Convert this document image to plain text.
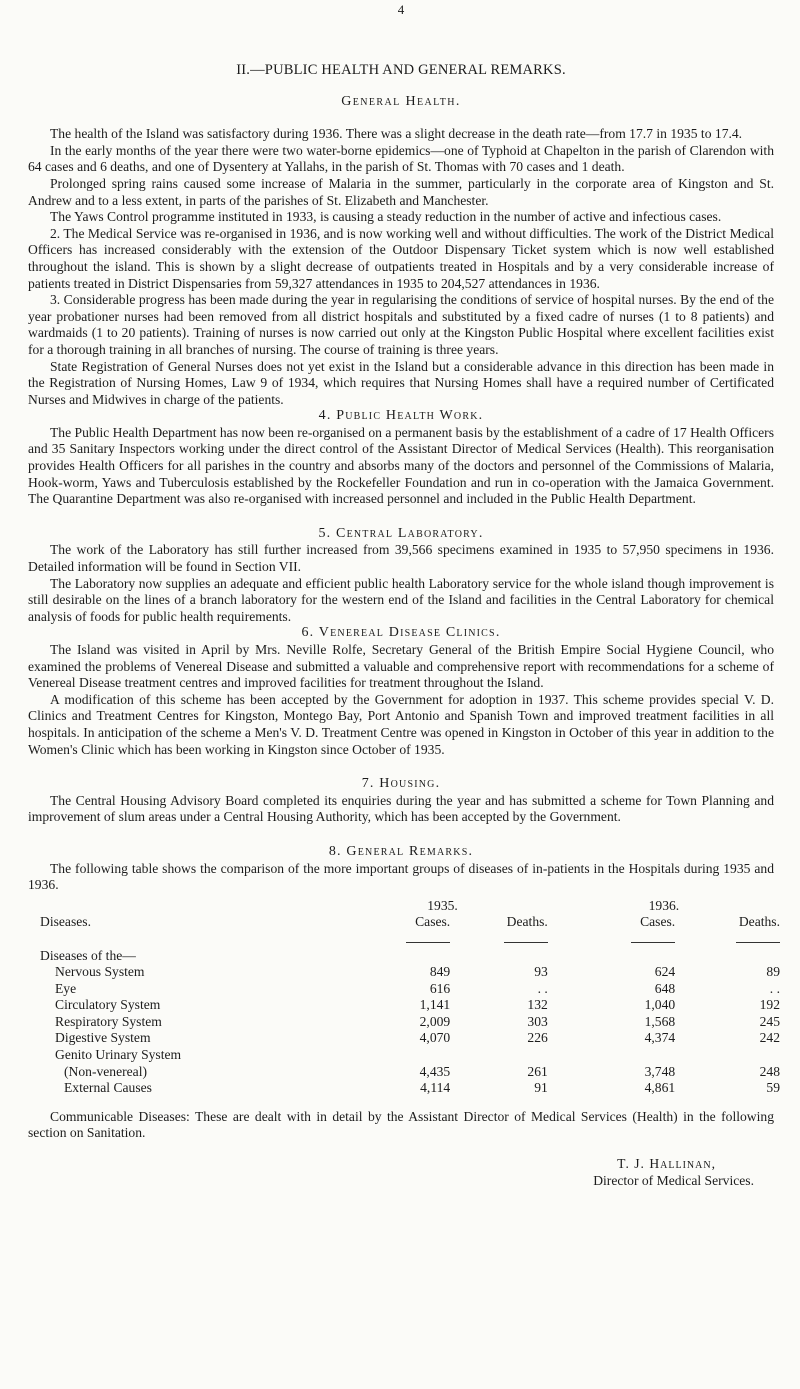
4
II.—PUBLIC HEALTH AND GENERAL REMARKS.
General Health.

The health of the Island was satisfactory during 1936. There was a slight decrease in the death rate—from 17.7 in 1935 to 17.4.

In the early months of the year there were two water-borne epidemics—one of Typhoid at Chapelton in the parish of Clarendon with 64 cases and 6 deaths, and one of Dysentery at Yallahs, in the parish of St. Thomas with 70 cases and 1 death.

Prolonged spring rains caused some increase of Malaria in the summer, particularly in the corporate area of Kingston and St. Andrew and to a less extent, in parts of the parishes of St. Elizabeth and Manchester.

The Yaws Control programme instituted in 1933, is causing a steady reduction in the number of active and infectious cases.

2. The Medical Service was re-organised in 1936, and is now working well and without difficulties. The work of the District Medical Officers has increased considerably with the extension of the Outdoor Dispensary Ticket system which is now well established throughout the island. This is shown by a slight decrease of outpatients treated in Hospitals and by a very considerable increase of patients treated in District Dispensaries from 59,327 attendances in 1935 to 204,527 attendances in 1936.

3. Considerable progress has been made during the year in regularising the conditions of service of hospital nurses. By the end of the year probationer nurses had been removed from all district hospitals and substituted by a fixed cadre of nurses (1 to 8 patients) and wardmaids (1 to 20 patients). Training of nurses is now carried out only at the Kingston Public Hospital where excellent facilities exist for a thorough training in all branches of nursing. The course of training is three years.

State Registration of General Nurses does not yet exist in the Island but a considerable advance in this direction has been made in the Registration of Nursing Homes, Law 9 of 1934, which requires that Nursing Homes shall have a required number of Certificated Nurses and Midwives in charge of the patients.

4. Public Health Work.

The Public Health Department has now been re-organised on a permanent basis by the establishment of a cadre of 17 Health Officers and 35 Sanitary Inspectors working under the direct control of the Assistant Director of Medical Services (Health). This reorganisation provides Health Officers for all parishes in the country and absorbs many of the doctors and personnel of the Commissions of Malaria, Hook-worm, Yaws and Tuberculosis established by the Rockefeller Foundation and run in co-operation with the Jamaica Government. The Quarantine Department was also re-organised with increased personnel and included in the Public Health Department.

5. Central Laboratory.

The work of the Laboratory has still further increased from 39,566 specimens examined in 1935 to 57,950 specimens in 1936. Detailed information will be found in Section VII.

The Laboratory now supplies an adequate and efficient public health Laboratory service for the whole island though improvement is still desirable on the lines of a branch laboratory for the western end of the Island and facilities in the Central Laboratory for chemical analysis of foods for public health requirements.

6. Venereal Disease Clinics.

The Island was visited in April by Mrs. Neville Rolfe, Secretary General of the British Empire Social Hygiene Council, who examined the problems of Venereal Disease and submitted a valuable and comprehensive report with recommendations for a scheme of Venereal Disease treatment centres and improved facilities for treatment throughout the Island.

A modification of this scheme has been accepted by the Government for adoption in 1937. This scheme provides special V. D. Clinics and Treatment Centres for Kingston, Montego Bay, Port Antonio and Spanish Town and improved treatment facilities in all hospitals. In anticipation of the scheme a Men's V. D. Treatment Centre was opened in Kingston in October of this year in addition to the Women's Clinic which has been working in Kingston since October of 1935.

7. Housing.

The Central Housing Advisory Board completed its enquiries during the year and has submitted a scheme for Town Planning and improvement of slum areas under a Central Housing Authority, which has been accepted by the Government.

8. General Remarks.

The following table shows the comparison of the more important groups of diseases of in-patients in the Hospitals during 1935 and 1936.

	1935.		1936.	
Diseases.	Cases.	Deaths.	Cases.	Deaths.

Diseases of the—				
Nervous System	849	93	624	89
Eye	616	. .	648	. .
Circulatory System	1,141	132	1,040	192
Respiratory System	2,009	303	1,568	245
Digestive System	4,070	226	4,374	242
Genito Urinary System				
(Non-venereal)	4,435	261	3,748	248
External Causes	4,114	91	4,861	59

Communicable Diseases: These are dealt with in detail by the Assistant Director of Medical Services (Health) in the following section on Sanitation.

T. J. Hallinan,
Director of Medical Services.
